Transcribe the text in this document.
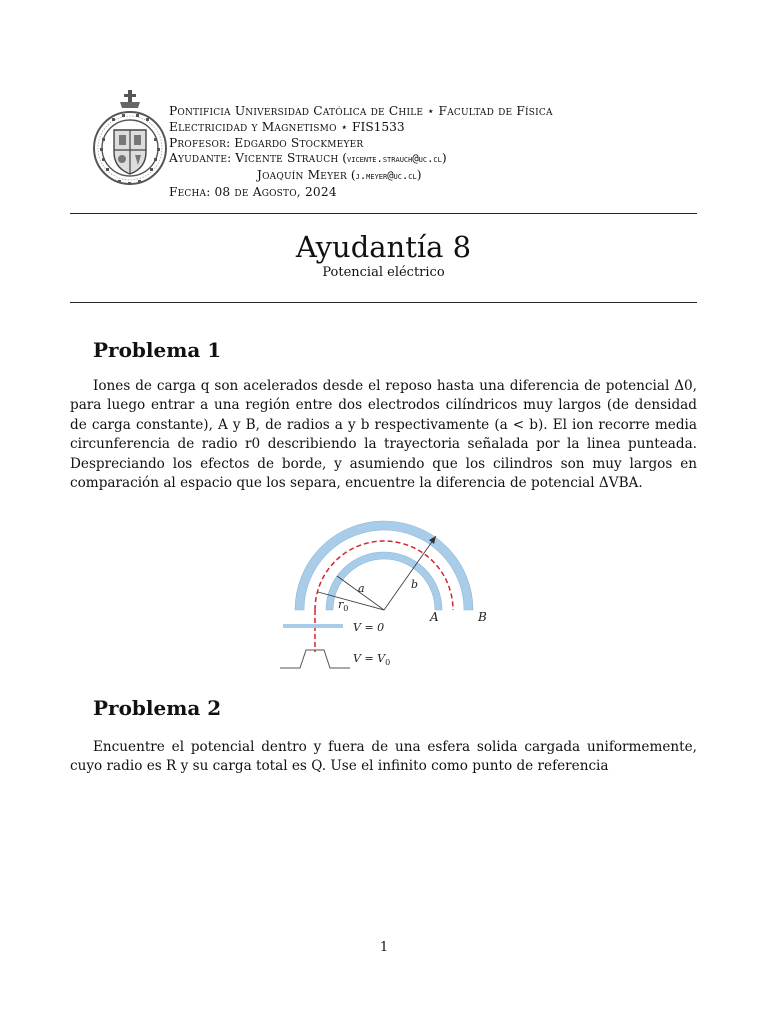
Pontificia Universidad Católica de Chile ⋆ Facultad de Física
Electricidad y Magnetismo ⋆ FIS1533
Profesor: Edgardo Stockmeyer
Ayudante: Vicente Strauch (vicente.strauch@uc.cl)
Joaquín Meyer (j.meyer@uc.cl)
Fecha: 08 de Agosto, 2024
Ayudantía 8
Potencial eléctrico
Problema 1
Iones de carga q son acelerados desde el reposo hasta una diferencia de potencial Δ0, para luego entrar a una región entre dos electrodos cilíndricos muy largos (de densidad de carga constante), A y B, de radios a y b respectivamente (a < b). El ion recorre media circunferencia de radio r0 describiendo la trayectoria señalada por la linea punteada. Despreciando los efectos de borde, y asumiendo que los cilindros son muy largos en comparación al espacio que los separa, encuentre la diferencia de potencial ΔVBA.
a
$r_0$
b
A	B
V = 0
$V = V_0$
Problema 2
Encuentre el potencial dentro y fuera de una esfera solida cargada uniformemente, cuyo radio es R y su carga total es Q. Use el infinito como punto de referencia
1
